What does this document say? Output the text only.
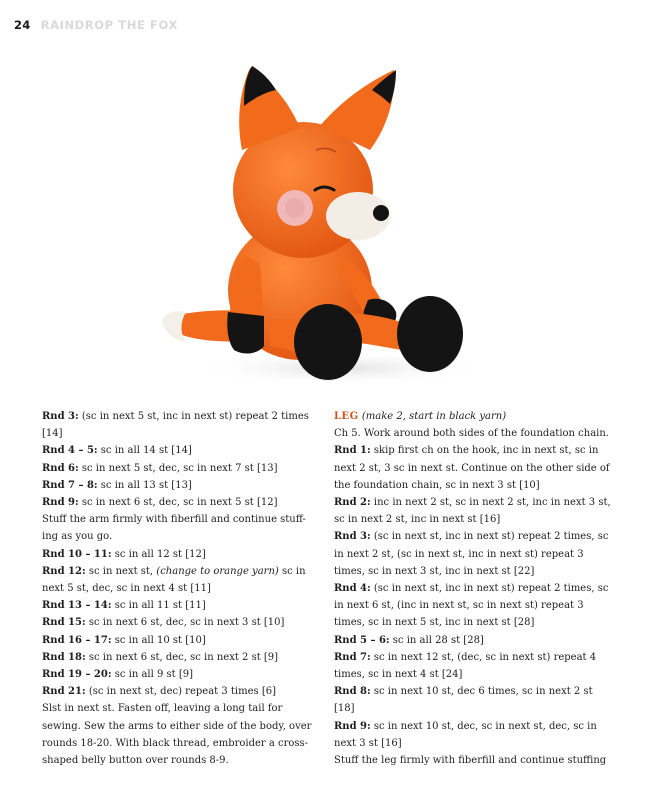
24 RAINDROP THE FOX

Rnd 3: (sc in next 5 st, inc in next st) repeat 2 times [14]

Rnd 4 – 5: sc in all 14 st [14]

Rnd 6: sc in next 5 st, dec, sc in next 7 st [13]

Rnd 7 – 8: sc in all 13 st [13]

Rnd 9: sc in next 6 st, dec, sc in next 5 st [12]

Stuff the arm firmly with fiberfill and continue stuff-ing as you go.

Rnd 10 – 11: sc in all 12 st [12]

Rnd 12: sc in next st, (change to orange yarn) sc in next 5 st, dec, sc in next 4 st [11]

Rnd 13 – 14: sc in all 11 st [11]

Rnd 15: sc in next 6 st, dec, sc in next 3 st [10]

Rnd 16 – 17: sc in all 10 st [10]

Rnd 18: sc in next 6 st, dec, sc in next 2 st [9]

Rnd 19 – 20: sc in all 9 st [9]

Rnd 21: (sc in next st, dec) repeat 3 times [6]

Slst in next st. Fasten off, leaving a long tail for sewing. Sew the arms to either side of the body, over rounds 18-20. With black thread, embroider a cross-shaped belly button over rounds 8-9.

LEG (make 2, start in black yarn)

Ch 5. Work around both sides of the foundation chain.

Rnd 1: skip first ch on the hook, inc in next st, sc in next 2 st, 3 sc in next st. Continue on the other side of the foundation chain, sc in next 3 st [10]

Rnd 2: inc in next 2 st, sc in next 2 st, inc in next 3 st, sc in next 2 st, inc in next st [16]

Rnd 3: (sc in next st, inc in next st) repeat 2 times, sc in next 2 st, (sc in next st, inc in next st) repeat 3 times, sc in next 3 st, inc in next st [22]

Rnd 4: (sc in next st, inc in next st) repeat 2 times, sc in next 6 st, (inc in next st, sc in next st) repeat 3 times, sc in next 5 st, inc in next st [28]

Rnd 5 – 6: sc in all 28 st [28]

Rnd 7: sc in next 12 st, (dec, sc in next st) repeat 4 times, sc in next 4 st [24]

Rnd 8: sc in next 10 st, dec 6 times, sc in next 2 st [18]

Rnd 9: sc in next 10 st, dec, sc in next st, dec, sc in next 3 st [16]

Stuff the leg firmly with fiberfill and continue stuffing
